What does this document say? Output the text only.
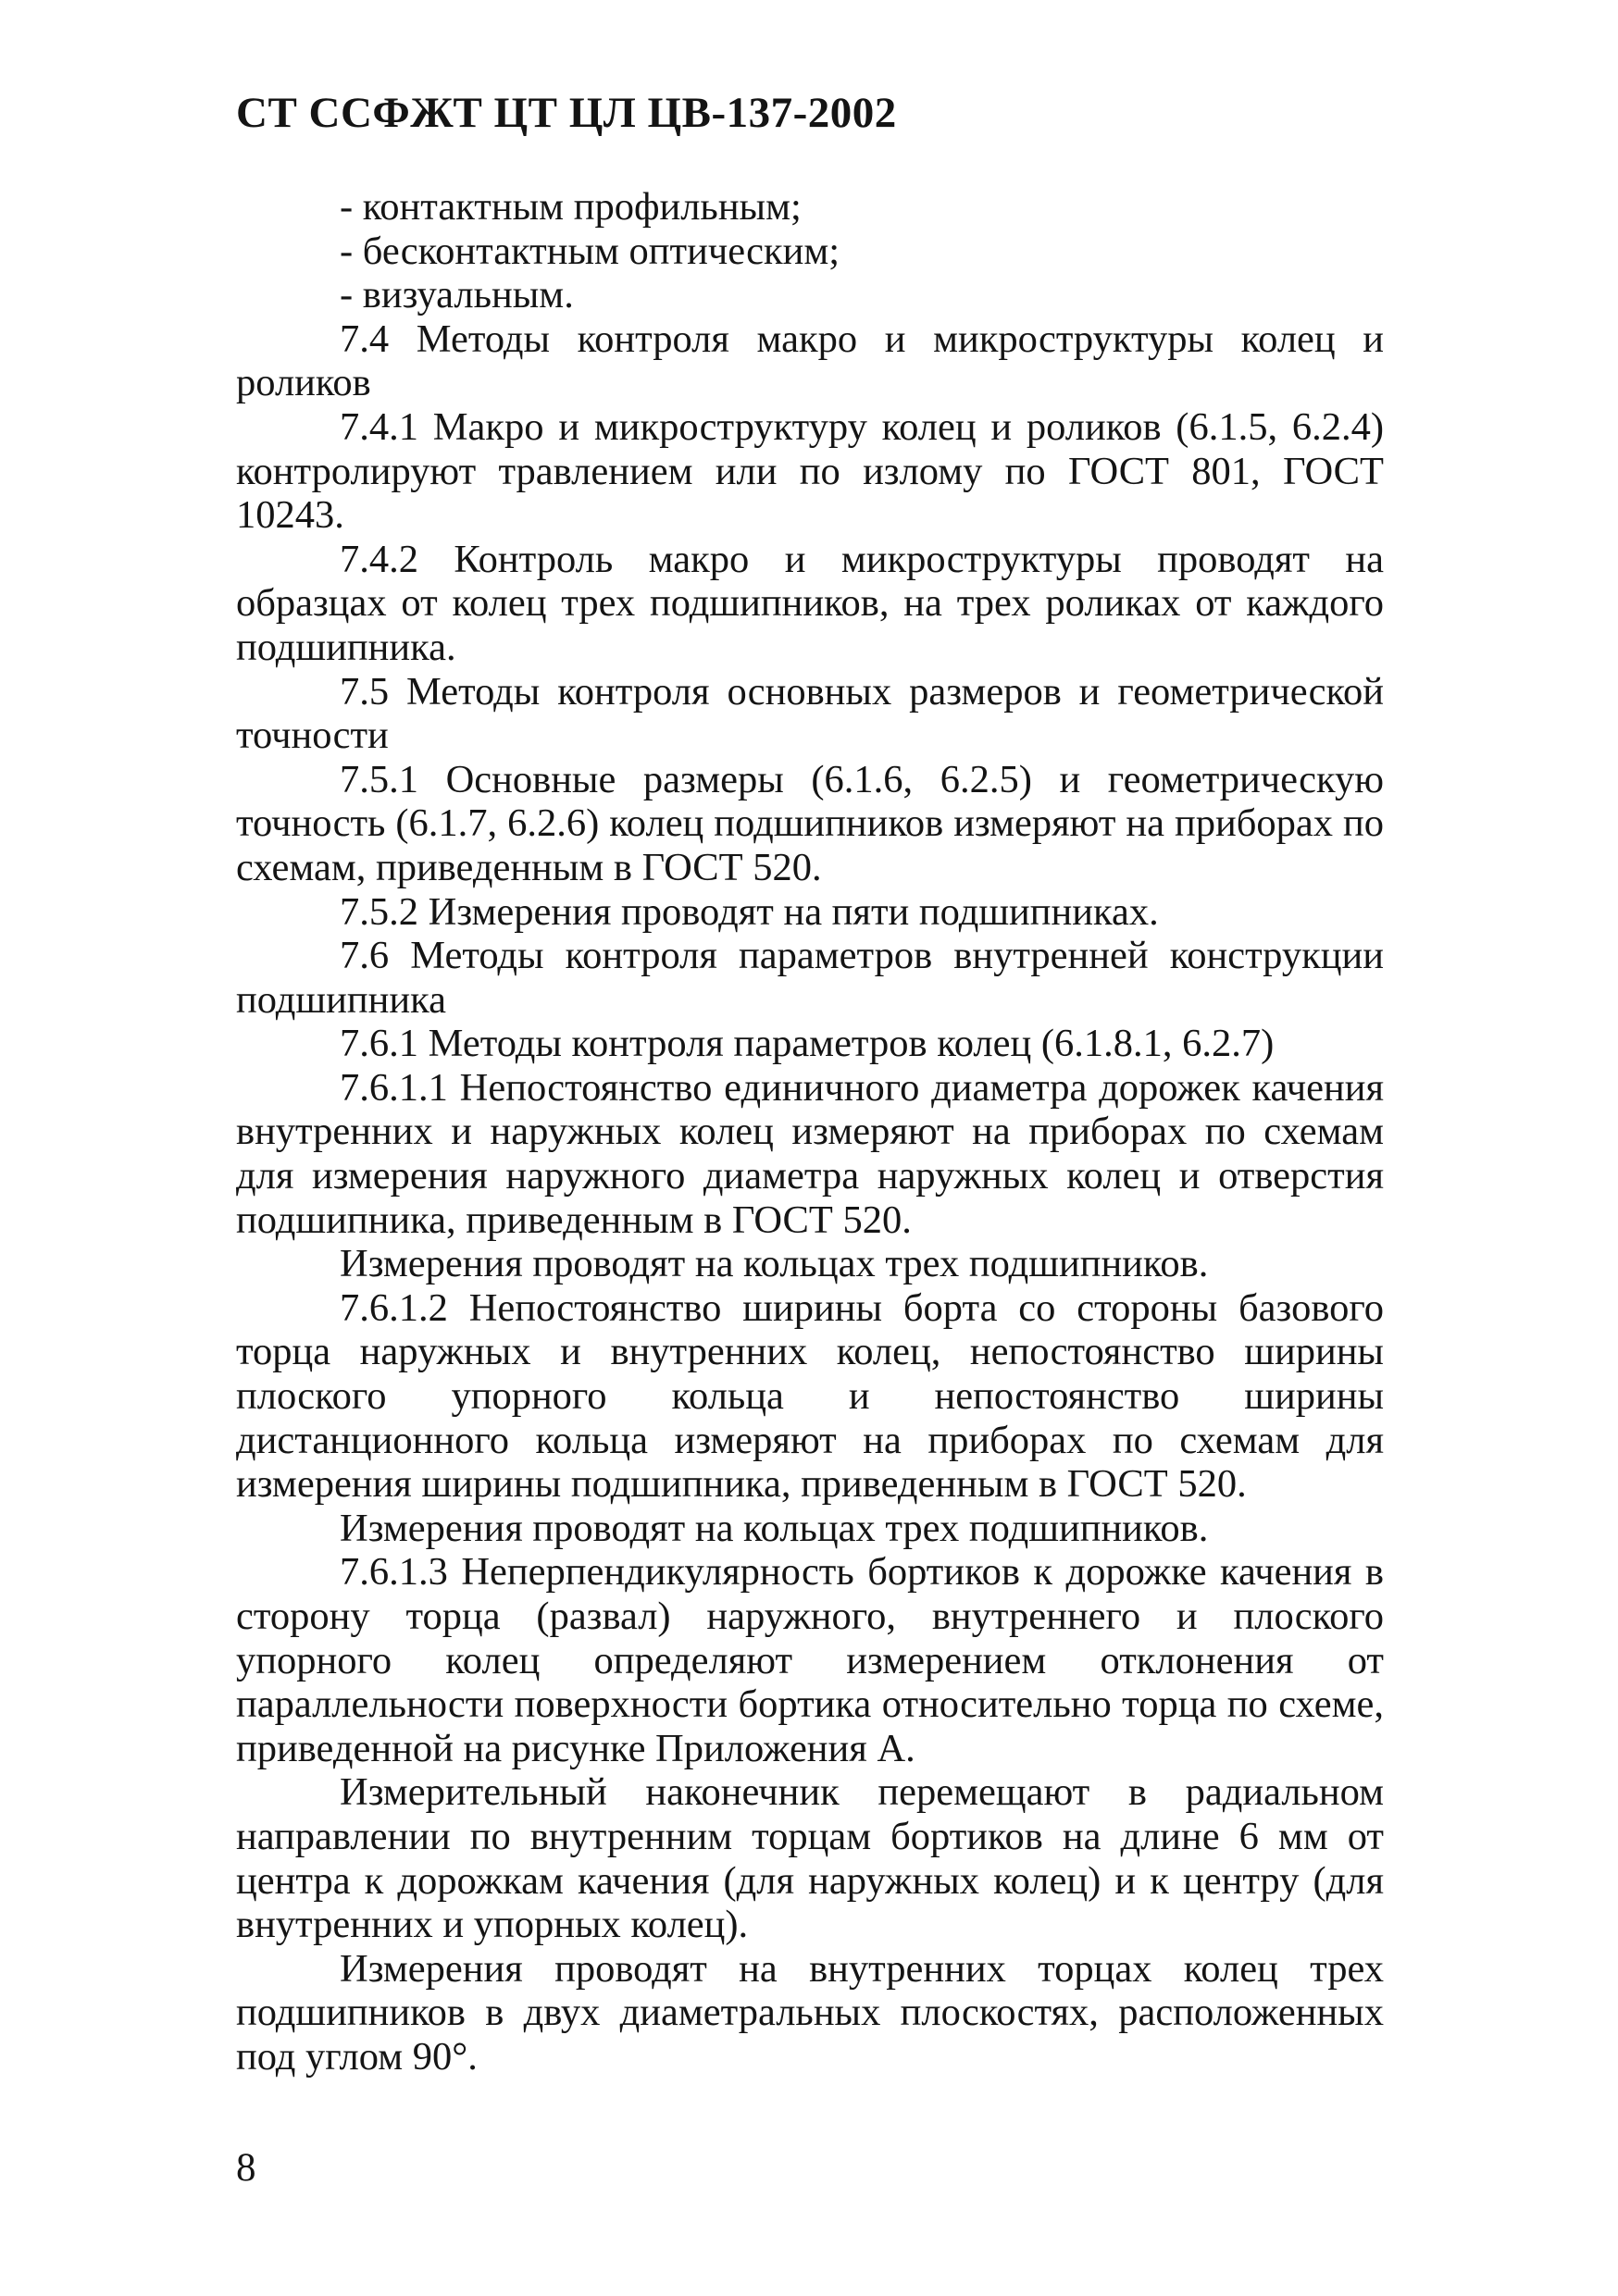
СТ ССФЖТ ЦТ ЦЛ ЦВ-137-2002

- контактным профильным;

- бесконтактным оптическим;

- визуальным.

7.4 Методы контроля макро и микроструктуры колец и роликов

7.4.1 Макро и микроструктуру колец и роликов (6.1.5, 6.2.4) контролируют травлением или по излому по ГОСТ 801, ГОСТ 10243.

7.4.2 Контроль макро и микроструктуры проводят на образцах от колец трех подшипников, на трех роликах от каждого подшипника.

7.5 Методы контроля основных размеров и геометрической точности

7.5.1 Основные размеры (6.1.6, 6.2.5) и геометрическую точность (6.1.7, 6.2.6) колец подшипников измеряют на приборах по схемам, приведенным в ГОСТ 520.

7.5.2 Измерения проводят на пяти подшипниках.

7.6 Методы контроля параметров внутренней конструкции подшипника

7.6.1 Методы контроля параметров колец (6.1.8.1, 6.2.7)

7.6.1.1 Непостоянство единичного диаметра дорожек качения внутренних и наружных колец измеряют на приборах по схемам для измерения наружного диаметра наружных колец и отверстия подшипника, приведенным в ГОСТ 520.

Измерения проводят на кольцах трех подшипников.

7.6.1.2 Непостоянство ширины борта со стороны базового торца наружных и внутренних колец, непостоянство ширины плоского упорного кольца и непостоянство ширины дистанционного кольца измеряют на приборах по схемам для измерения ширины подшипника, приведенным в ГОСТ 520.

Измерения проводят на кольцах трех подшипников.

7.6.1.3 Неперпендикулярность бортиков к дорожке качения в сторону торца (развал) наружного, внутреннего и плоского упорного колец определяют измерением отклонения от параллельности поверхности бортика относительно торца по схеме, приведенной на рисунке Приложения А.

Измерительный наконечник перемещают в радиальном направлении по внутренним торцам бортиков на длине 6 мм от центра к дорожкам качения (для наружных колец) и к центру (для внутренних и упорных колец).

Измерения проводят на внутренних торцах колец трех подшипников в двух диаметральных плоскостях, расположенных под углом 90°.

8
